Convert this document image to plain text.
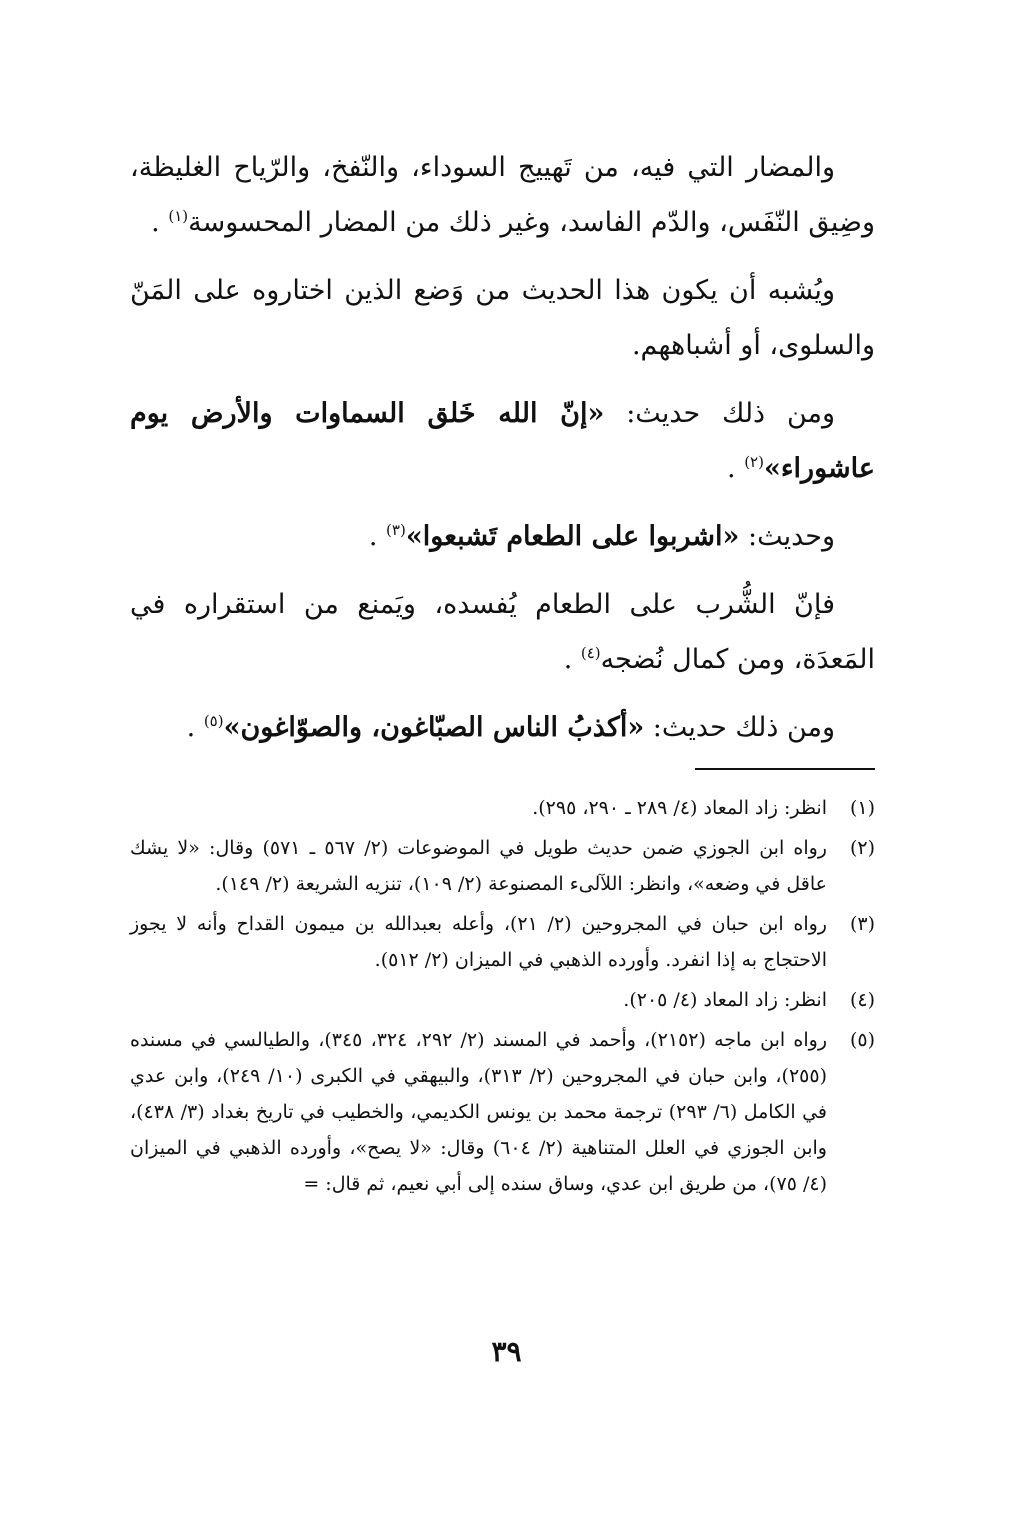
والمضار التي فيه، من تَهييج السوداء، والنّفخ، والرّياح الغليظة، وضِيق النّفَس، والدّم الفاسد، وغير ذلك من المضار المحسوسة$^{(١)}$ .

ويُشبه أن يكون هذا الحديث من وَضع الذين اختاروه على المَنّ والسلوى، أو أشباههم.

ومن ذلك حديث: «إنّ الله خَلق السماوات والأرض يوم عاشوراء»$^{(٢)}$ .

وحديث: «اشربوا على الطعام تَشبعوا»$^{(٣)}$ .

فإنّ الشُّرب على الطعام يُفسده، ويَمنع من استقراره في المَعدَة، ومن كمال نُضجه$^{(٤)}$ .

ومن ذلك حديث: «أكذبُ الناس الصبّاغون، والصوّاغون»$^{(٥)}$ .

(١)
انظر: زاد المعاد (٤/ ٢٨٩ ـ ٢٩٠، ٢٩٥).
(٢)
رواه ابن الجوزي ضمن حديث طويل في الموضوعات (٢/ ٥٦٧ ـ ٥٧١) وقال: «لا يشك عاقل في وضعه»، وانظر: اللآلىء المصنوعة (٢/ ١٠٩)، تنزيه الشريعة (٢/ ١٤٩).
(٣)
رواه ابن حبان في المجروحين (٢/ ٢١)، وأعله بعبدالله بن ميمون القداح وأنه لا يجوز الاحتجاج به إذا انفرد. وأورده الذهبي في الميزان (٢/ ٥١٢).
(٤)
انظر: زاد المعاد (٤/ ٢٠٥).
(٥)
رواه ابن ماجه (٢١٥٢)، وأحمد في المسند (٢/ ٢٩٢، ٣٢٤، ٣٤٥)، والطيالسي في مسنده (٢٥٥)، وابن حبان في المجروحين (٢/ ٣١٣)، والبيهقي في الكبرى (١٠/ ٢٤٩)، وابن عدي في الكامل (٦/ ٢٩٣) ترجمة محمد بن يونس الكديمي، والخطيب في تاريخ بغداد (٣/ ٤٣٨)، وابن الجوزي في العلل المتناهية (٢/ ٦٠٤) وقال: «لا يصح»، وأورده الذهبي في الميزان (٤/ ٧٥)، من طريق ابن عدي، وساق سنده إلى أبي نعيم، ثم قال: =
٣٩
